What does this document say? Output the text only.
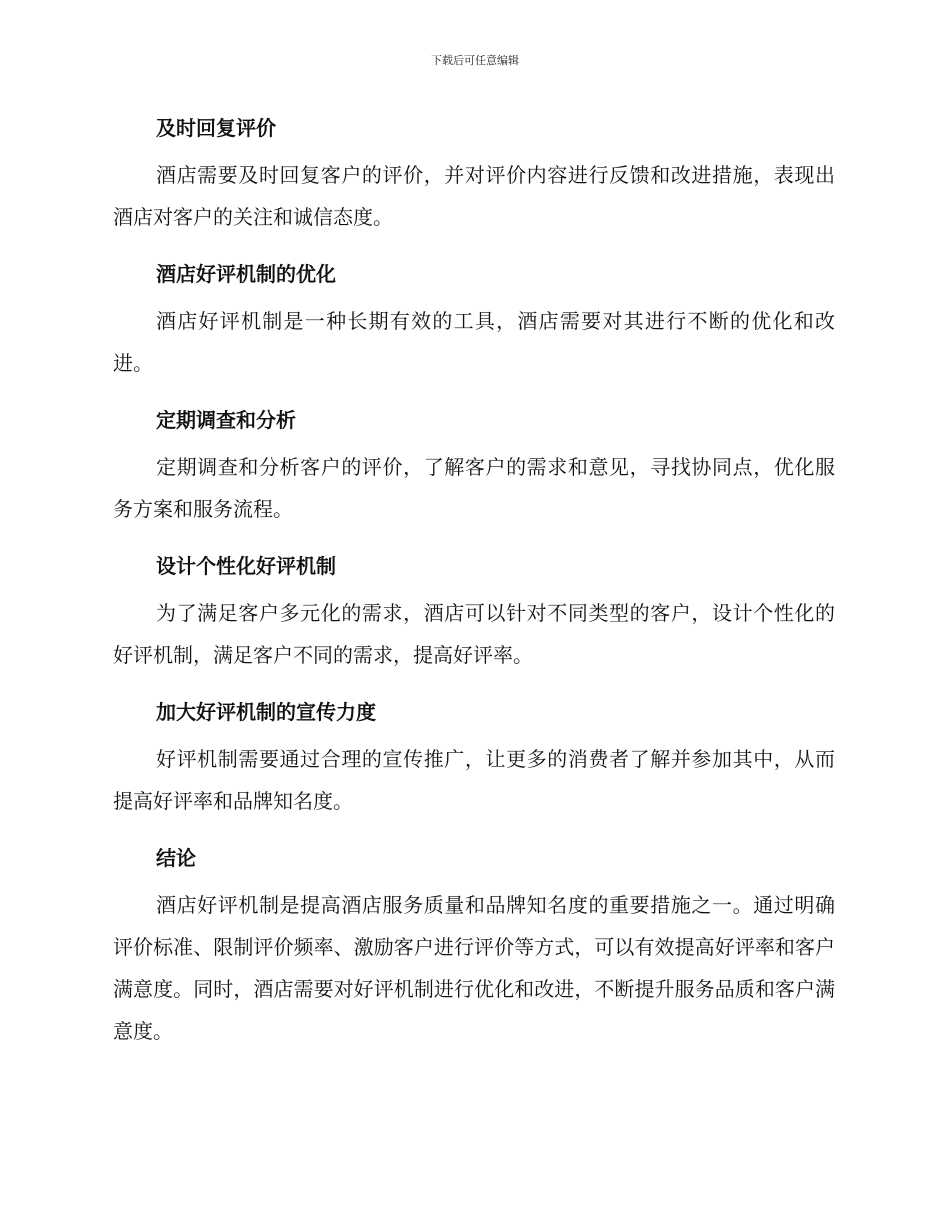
下载后可任意编辑
及时回复评价

酒店需要及时回复客户的评价，并对评价内容进行反馈和改进措施，表现出酒店对客户的关注和诚信态度。

酒店好评机制的优化

酒店好评机制是一种长期有效的工具，酒店需要对其进行不断的优化和改进。

定期调查和分析

定期调查和分析客户的评价，了解客户的需求和意见，寻找协同点，优化服务方案和服务流程。

设计个性化好评机制

为了满足客户多元化的需求，酒店可以针对不同类型的客户，设计个性化的好评机制，满足客户不同的需求，提高好评率。

加大好评机制的宣传力度

好评机制需要通过合理的宣传推广，让更多的消费者了解并参加其中，从而提高好评率和品牌知名度。

结论

酒店好评机制是提高酒店服务质量和品牌知名度的重要措施之一。通过明确评价标准、限制评价频率、激励客户进行评价等方式，可以有效提高好评率和客户满意度。同时，酒店需要对好评机制进行优化和改进，不断提升服务品质和客户满意度。
